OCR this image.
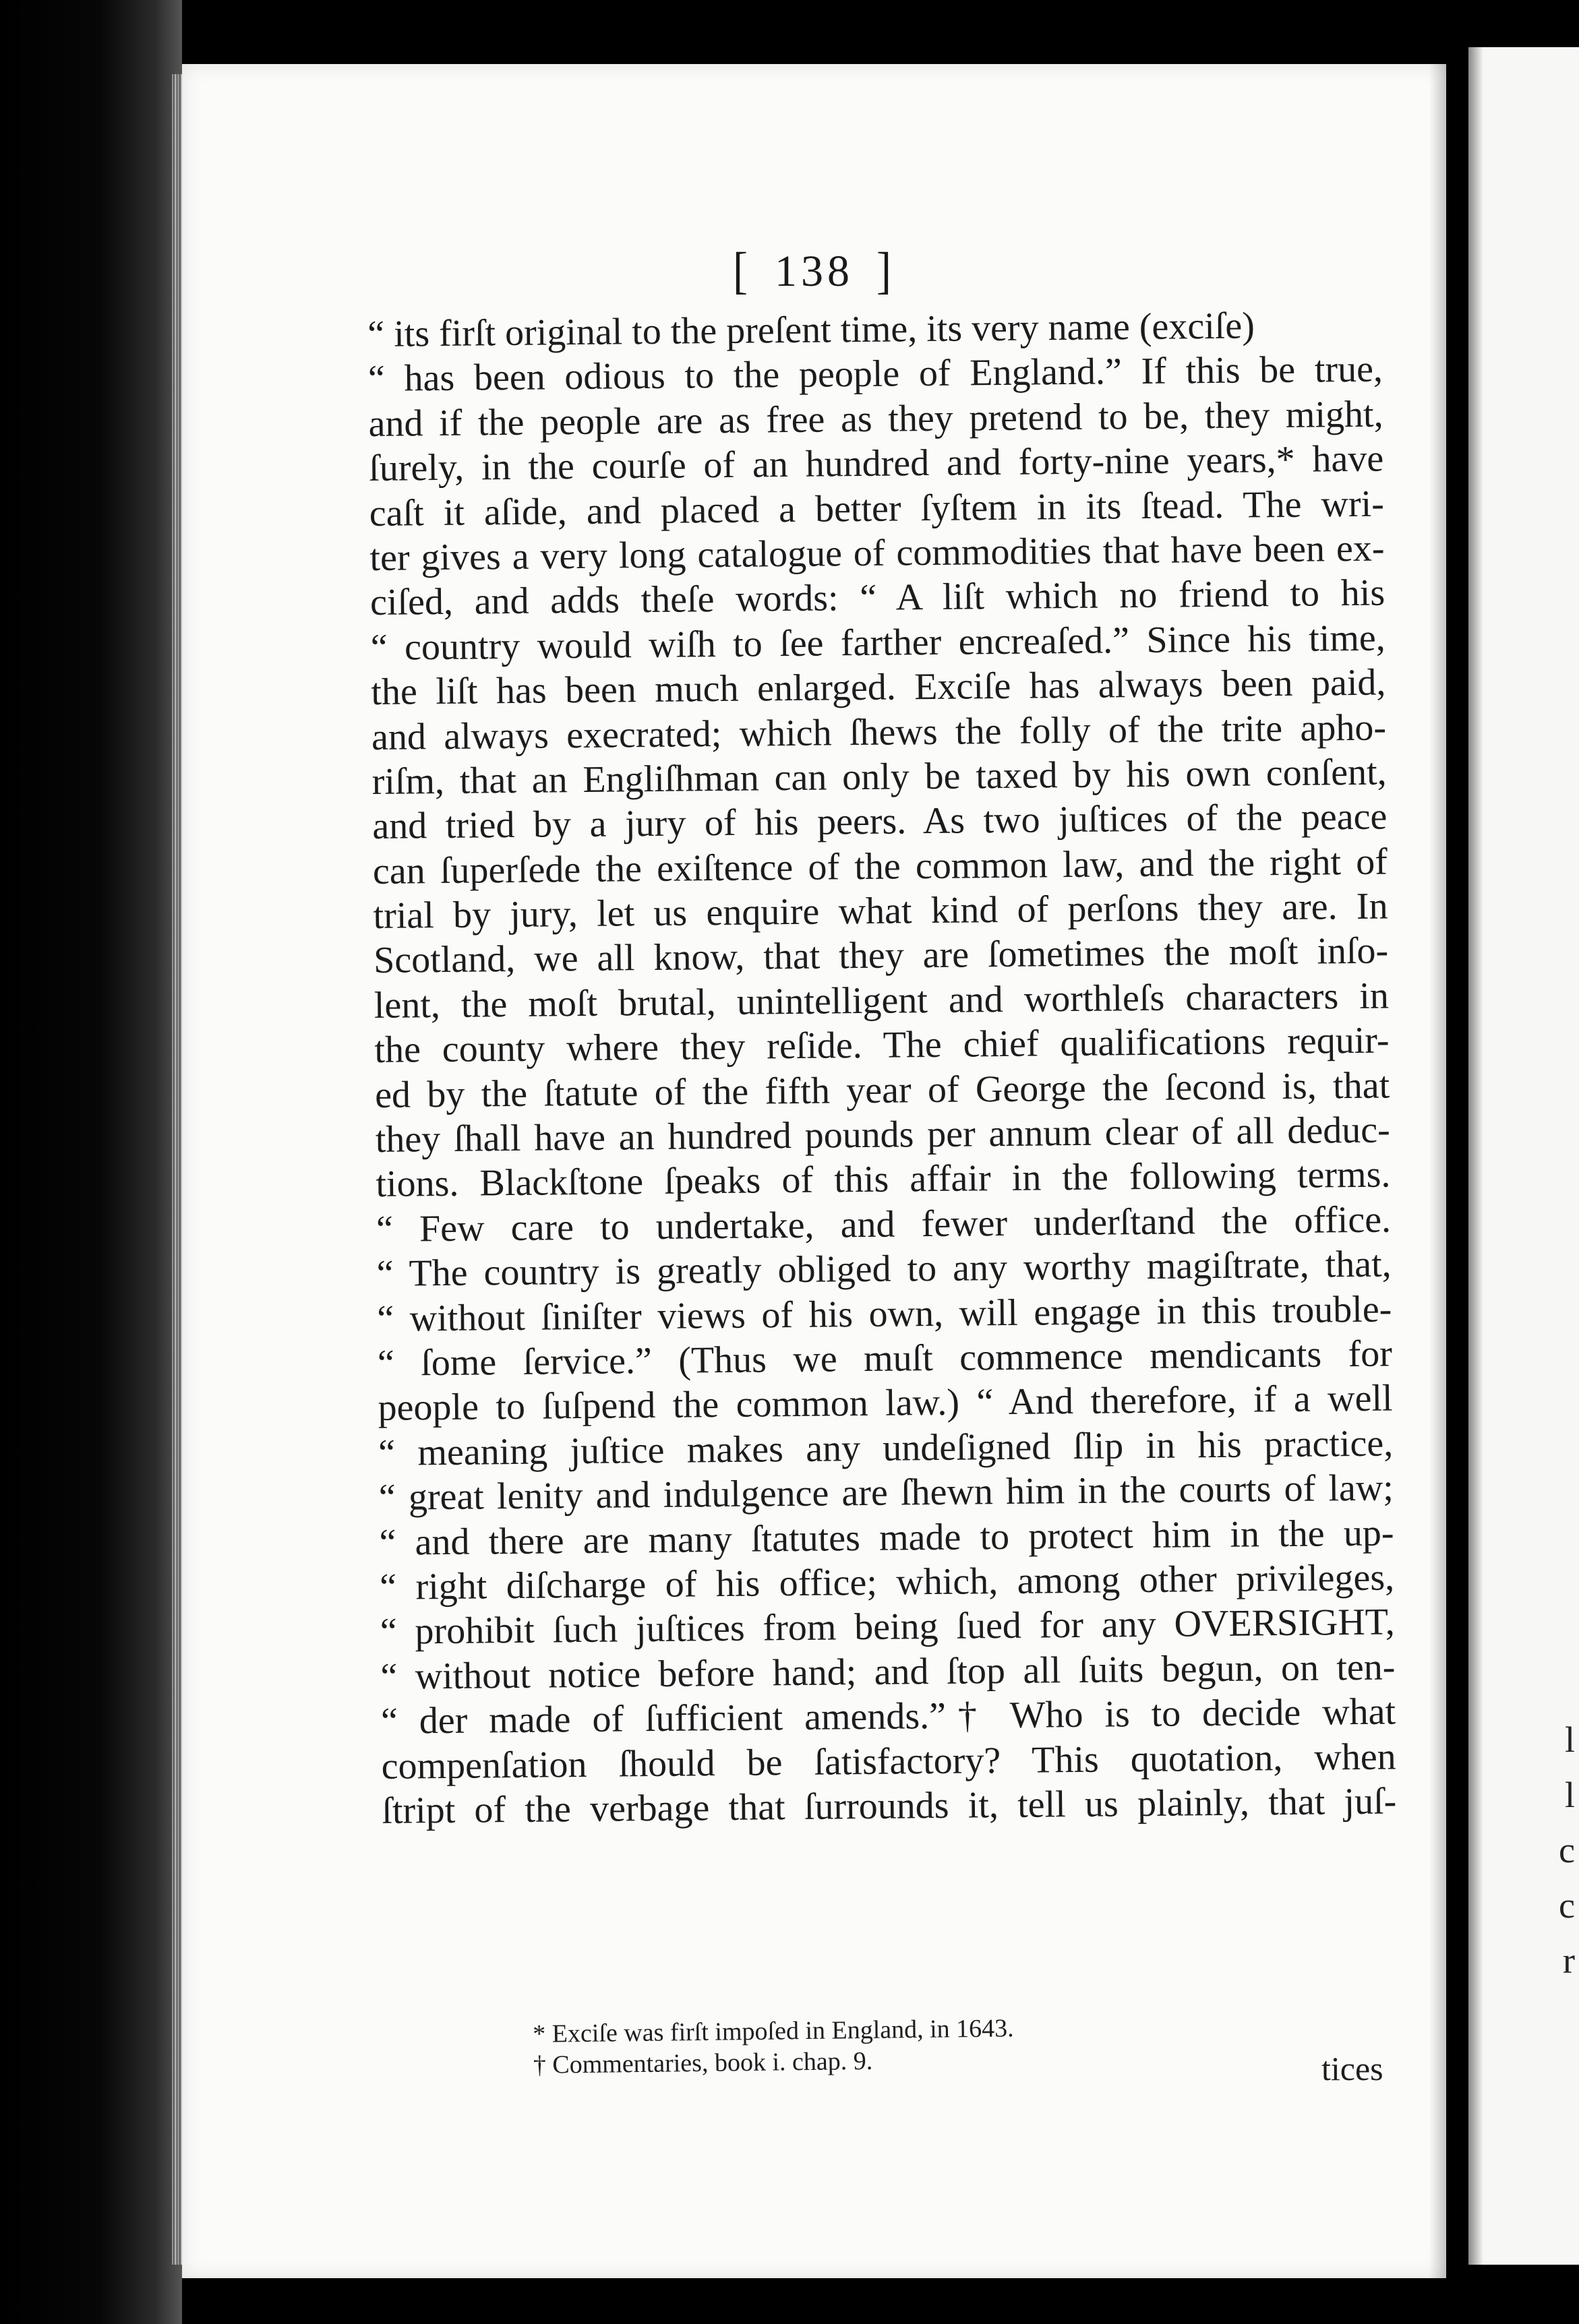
[ 138 ]
“ its firſt original to the preſent time, its very name (exciſe)
“ has been odious to the people of England.” If this be true,
and if the people are as free as they pretend to be, they might,
ſurely, in the courſe of an hundred and forty-nine years,* have
caſt it aſide, and placed a better ſyſtem in its ſtead. The wri-
ter gives a very long catalogue of commodities that have been ex-
ciſed, and adds theſe words: “ A liſt which no friend to his
“ country would wiſh to ſee farther encreaſed.” Since his time,
the liſt has been much enlarged. Exciſe has always been paid,
and always execrated; which ſhews the folly of the trite apho-
riſm, that an Engliſhman can only be taxed by his own conſent,
and tried by a jury of his peers. As two juſtices of the peace
can ſuperſede the exiſtence of the common law, and the right of
trial by jury, let us enquire what kind of perſons they are. In
Scotland, we all know, that they are ſometimes the moſt inſo-
lent, the moſt brutal, unintelligent and worthleſs characters in
the county where they reſide. The chief qualifications requir-
ed by the ſtatute of the fifth year of George the ſecond is, that
they ſhall have an hundred pounds per annum clear of all deduc-
tions. Blackſtone ſpeaks of this affair in the following terms.
“ Few care to undertake, and fewer underſtand the office.
“ The country is greatly obliged to any worthy magiſtrate, that,
“ without ſiniſter views of his own, will engage in this trouble-
“ ſome ſervice.” (Thus we muſt commence mendicants for
people to ſuſpend the common law.) “ And therefore, if a well
“ meaning juſtice makes any undeſigned ſlip in his practice,
“ great lenity and indulgence are ſhewn him in the courts of law;
“ and there are many ſtatutes made to protect him in the up-
“ right diſcharge of his office; which, among other privileges,
“ prohibit ſuch juſtices from being ſued for any OVERSIGHT,
“ without notice before hand; and ſtop all ſuits begun, on ten-
“ der made of ſufficient amends.”† Who is to decide what
compenſation ſhould be ſatisfactory? This quotation, when
ſtript of the verbage that ſurrounds it, tell us plainly, that juſ-
* Exciſe was firſt impoſed in England, in 1643.
† Commentaries, book i. chap. 9.	tices
l
l
c
c
r
